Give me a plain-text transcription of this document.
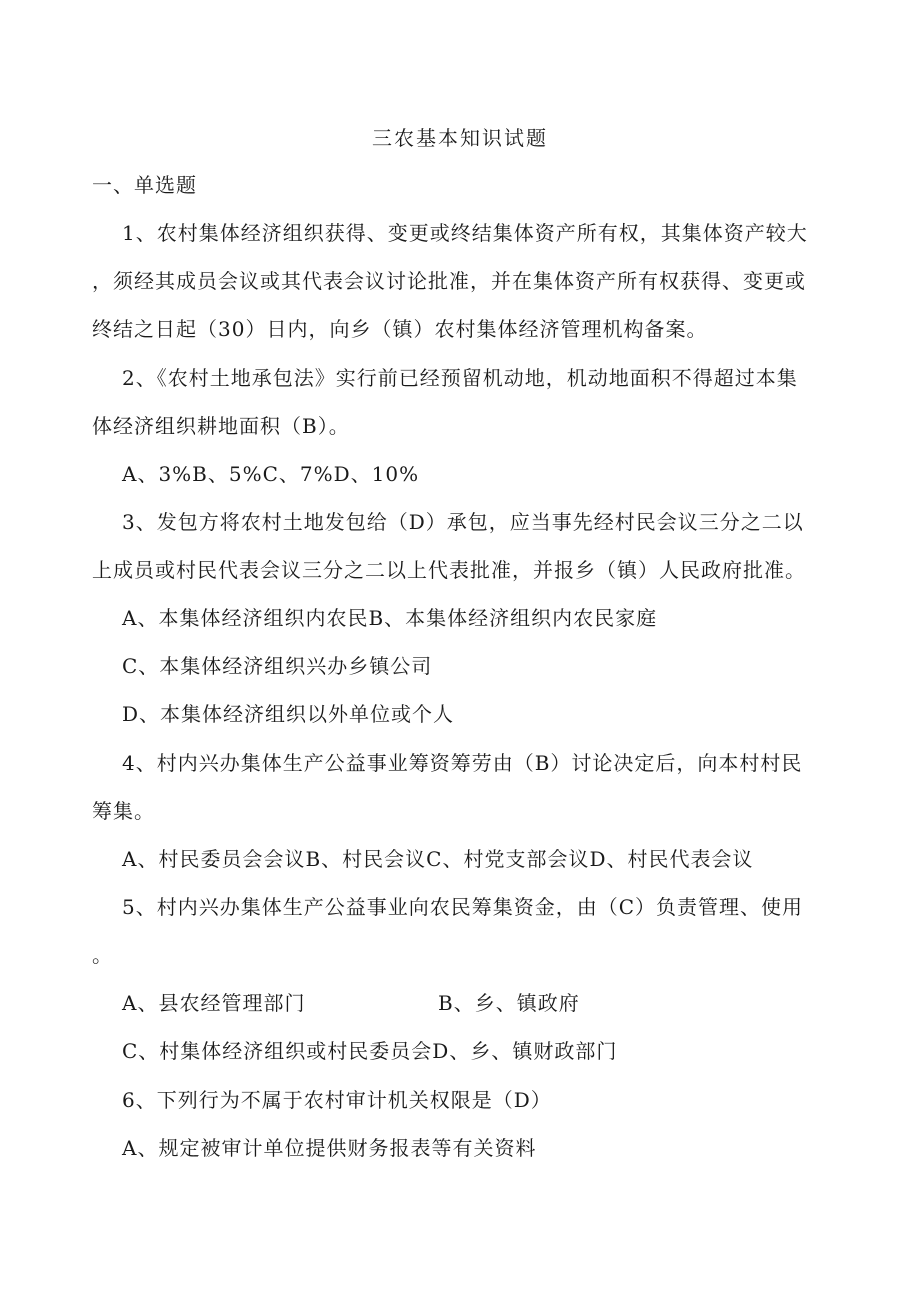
三农基本知识试题
一、单选题
1、农村集体经济组织获得、变更或终结集体资产所有权，其集体资产较大
，须经其成员会议或其代表会议讨论批准，并在集体资产所有权获得、变更或
终结之日起（30）日内，向乡（镇）农村集体经济管理机构备案。
2、《农村土地承包法》实行前已经预留机动地，机动地面积不得超过本集
体经济组织耕地面积（B）。
A、3%B、5%C、7%D、10%
3、发包方将农村土地发包给（D）承包，应当事先经村民会议三分之二以
上成员或村民代表会议三分之二以上代表批准，并报乡（镇）人民政府批准。
A、本集体经济组织内农民B、本集体经济组织内农民家庭
C、本集体经济组织兴办乡镇公司
D、本集体经济组织以外单位或个人
4、村内兴办集体生产公益事业筹资筹劳由（B）讨论决定后，向本村村民
筹集。
A、村民委员会会议B、村民会议C、村党支部会议D、村民代表会议
5、村内兴办集体生产公益事业向农民筹集资金，由（C）负责管理、使用
。
A、县农经管理部门	B、乡、镇政府
C、村集体经济组织或村民委员会D、乡、镇财政部门
6、下列行为不属于农村审计机关权限是（D）
A、规定被审计单位提供财务报表等有关资料
